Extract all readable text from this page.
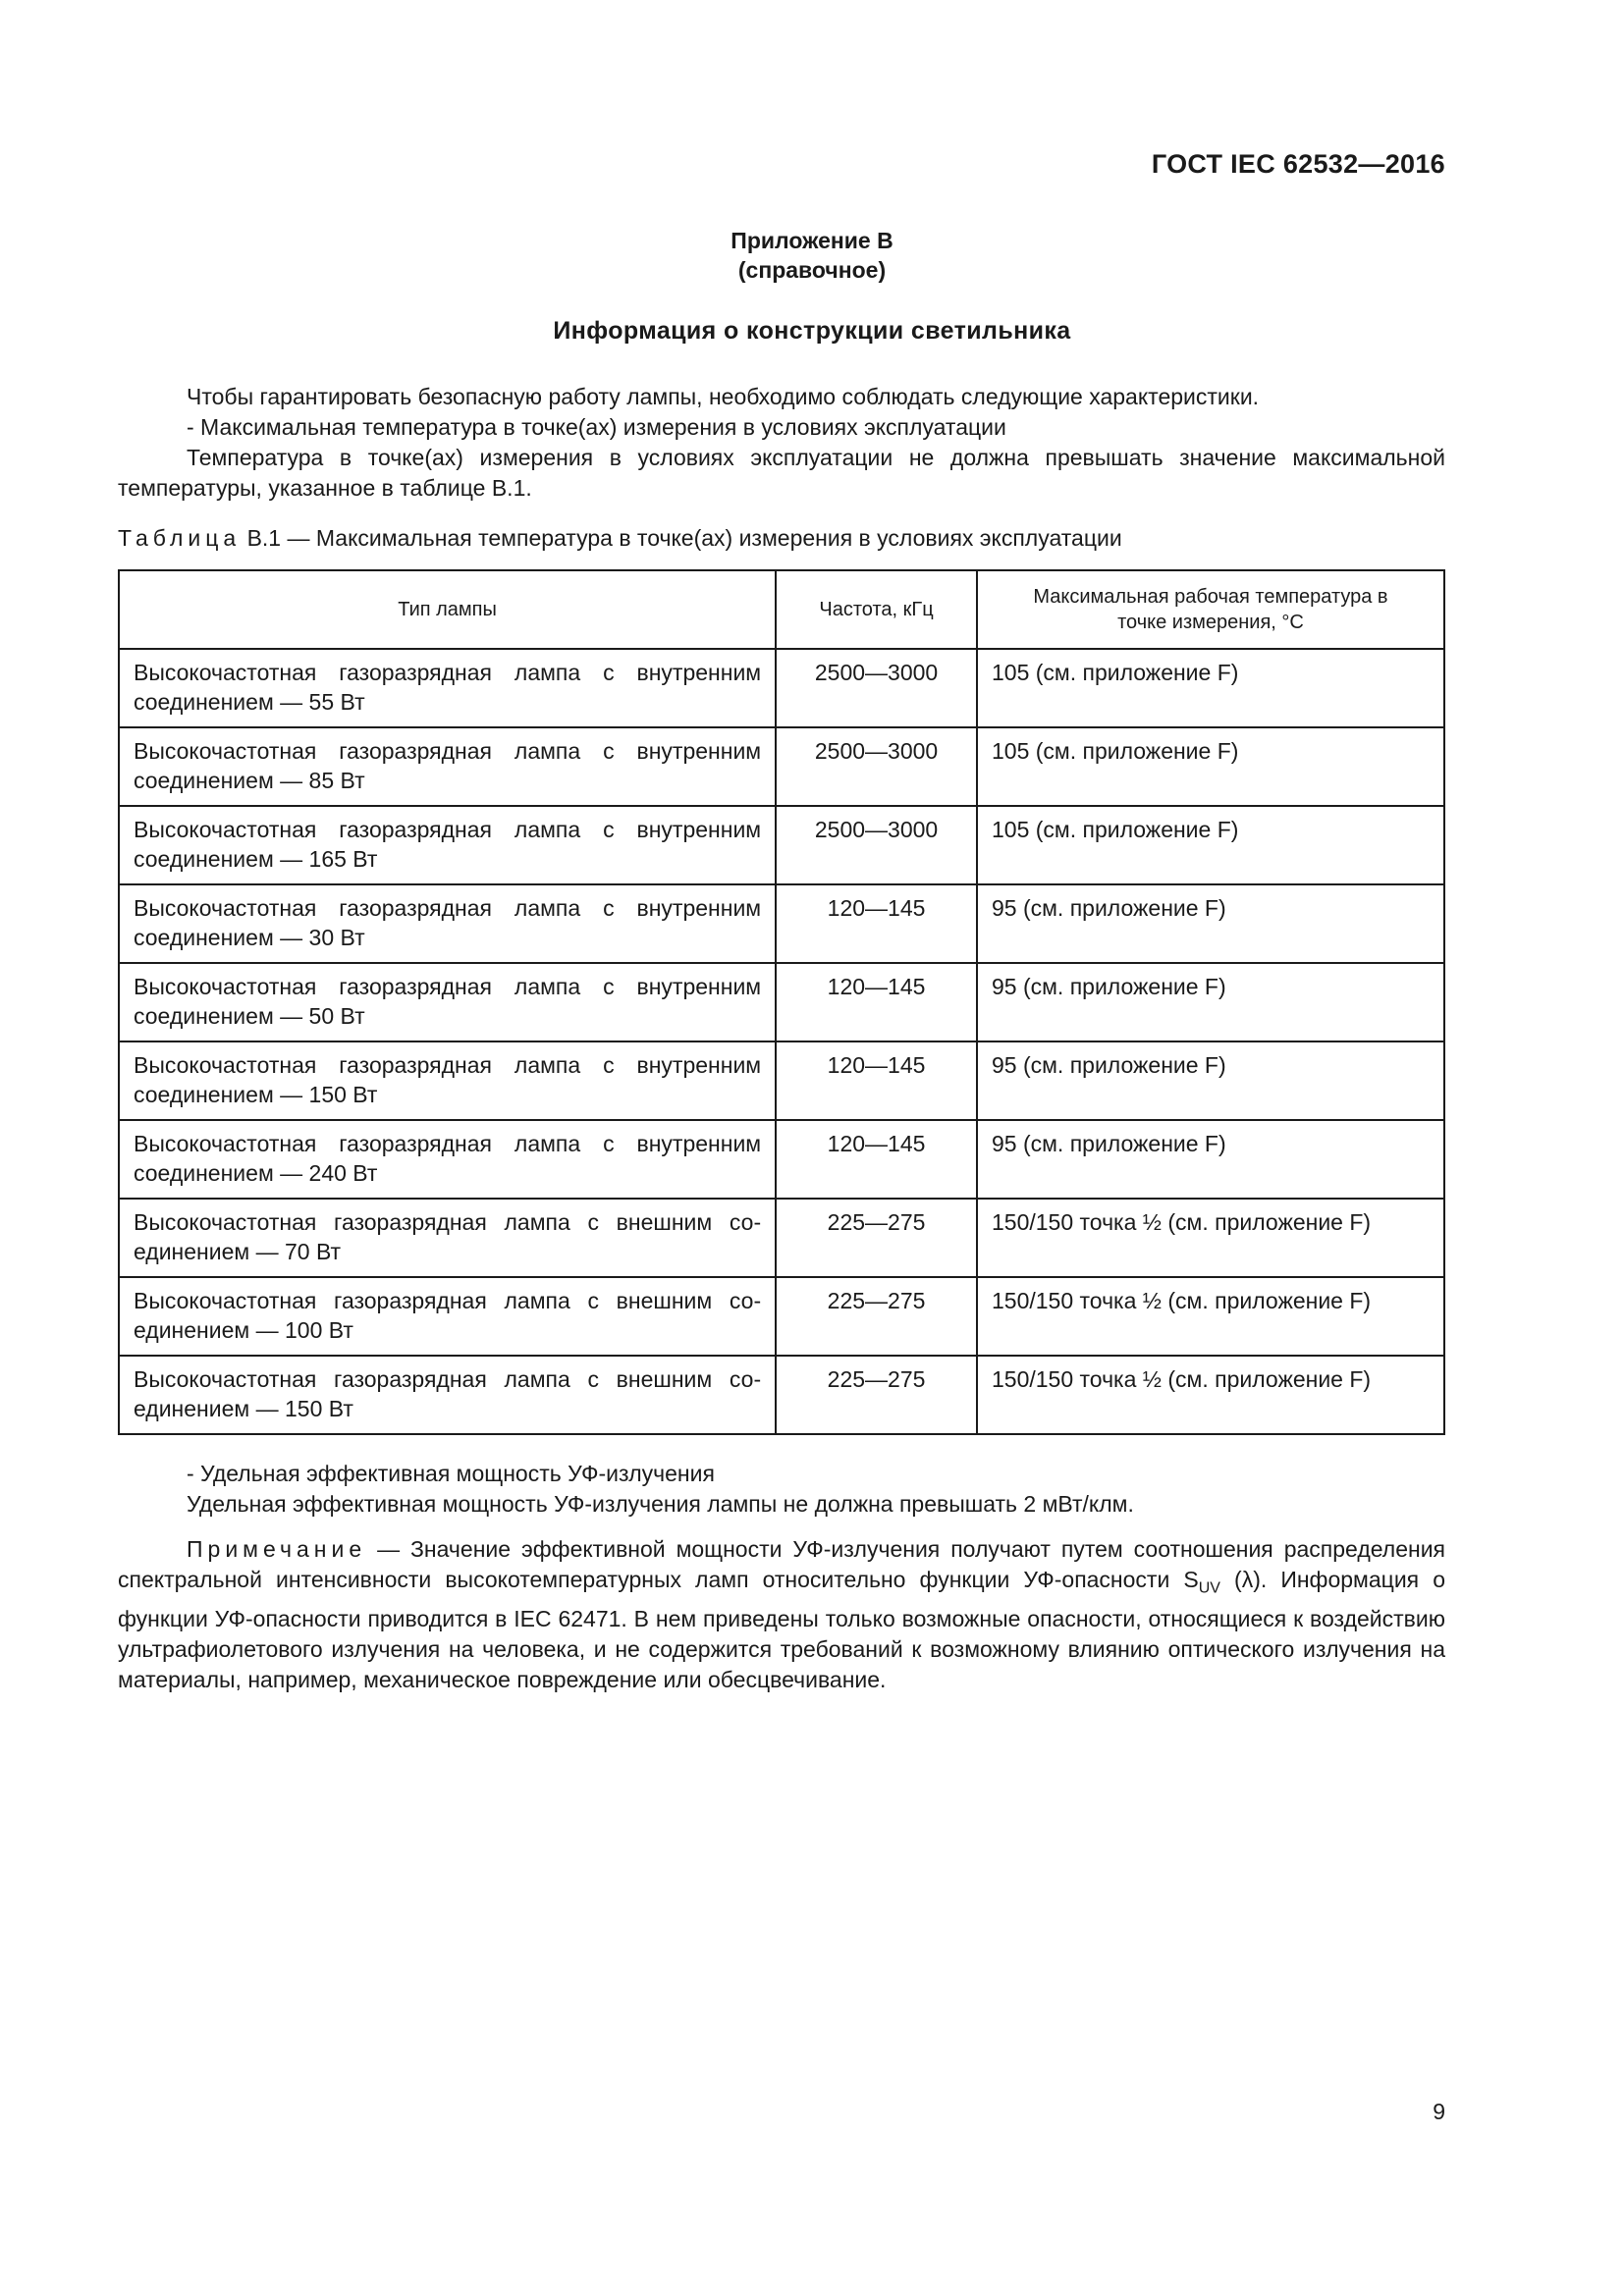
ГОСТ IEC 62532—2016
Приложение В
(справочное)
Информация о конструкции светильника

Чтобы гарантировать безопасную работу лампы, необходимо соблюдать следующие характеристики.

- Максимальная температура в точке(ах) измерения в условиях эксплуатации

Температура в точке(ах) измерения в условиях эксплуатации не должна превышать значение максимальной температуры, указанное в таблице В.1.

Таблица В.1 — Максимальная температура в точке(ах) измерения в условиях эксплуатации
Тип лампы	Частота, кГц	Максимальная рабочая температура в точке измерения, °С

Высокочастотная газоразрядная лампа с внутренним соединением — 55 Вт	2500—3000	105 (см. приложение F)
Высокочастотная газоразрядная лампа с внутренним соединением — 85 Вт	2500—3000	105 (см. приложение F)
Высокочастотная газоразрядная лампа с внутренним соединением — 165 Вт	2500—3000	105 (см. приложение F)
Высокочастотная газоразрядная лампа с внутренним соединением — 30 Вт	120—145	95 (см. приложение F)
Высокочастотная газоразрядная лампа с внутренним соединением — 50 Вт	120—145	95 (см. приложение F)
Высокочастотная газоразрядная лампа с внутренним соединением — 150 Вт	120—145	95 (см. приложение F)
Высокочастотная газоразрядная лампа с внутренним соединением — 240 Вт	120—145	95 (см. приложение F)
Высокочастотная газоразрядная лампа с внешним со-единением — 70 Вт	225—275	150/150 точка ½ (см. приложение F)
Высокочастотная газоразрядная лампа с внешним со-единением — 100 Вт	225—275	150/150 точка ½ (см. приложение F)
Высокочастотная газоразрядная лампа с внешним со-единением — 150 Вт	225—275	150/150 точка ½ (см. приложение F)

- Удельная эффективная мощность УФ-излучения

Удельная эффективная мощность УФ-излучения лампы не должна превышать 2 мВт/клм.

Примечание — Значение эффективной мощности УФ-излучения получают путем соотношения распределения спектральной интенсивности высокотемпературных ламп относительно функции УФ-опасности $S_{UV}$ (λ). Информация о функции УФ-опасности приводится в IEC 62471. В нем приведены только возможные опасности, относящиеся к воздействию ультрафиолетового излучения на человека, и не содержится требований к возможному влиянию оптического излучения на материалы, например, механическое повреждение или обесцвечивание.

9
